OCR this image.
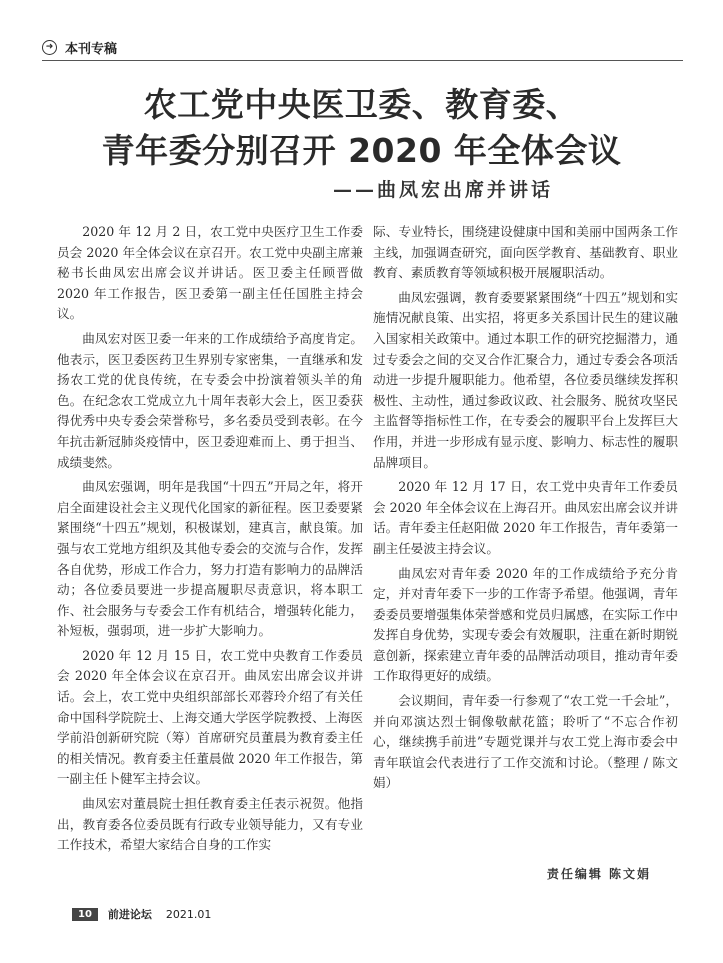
➜ 本刊专稿
农工党中央医卫委、教育委、
青年委分别召开 2020 年全体会议
——曲凤宏出席并讲话

2020 年 12 月 2 日，农工党中央医疗卫生工作委员会 2020 年全体会议在京召开。农工党中央副主席兼秘书长曲凤宏出席会议并讲话。医卫委主任顾晋做 2020 年工作报告，医卫委第一副主任任国胜主持会议。

曲凤宏对医卫委一年来的工作成绩给予高度肯定。他表示，医卫委医药卫生界别专家密集，一直继承和发扬农工党的优良传统，在专委会中扮演着领头羊的角色。在纪念农工党成立九十周年表彰大会上，医卫委获得优秀中央专委会荣誉称号，多名委员受到表彰。在今年抗击新冠肺炎疫情中，医卫委迎难而上、勇于担当、成绩斐然。

曲凤宏强调，明年是我国“十四五”开局之年，将开启全面建设社会主义现代化国家的新征程。医卫委要紧紧围绕“十四五”规划，积极谋划，建真言，献良策。加强与农工党地方组织及其他专委会的交流与合作，发挥各自优势，形成工作合力，努力打造有影响力的品牌活动；各位委员要进一步提高履职尽责意识，将本职工作、社会服务与专委会工作有机结合，增强转化能力，补短板，强弱项，进一步扩大影响力。

2020 年 12 月 15 日，农工党中央教育工作委员会 2020 年全体会议在京召开。曲凤宏出席会议并讲话。会上，农工党中央组织部部长邓蓉玲介绍了有关任命中国科学院院士、上海交通大学医学院教授、上海医学前沿创新研究院（筹）首席研究员董晨为教育委主任的相关情况。教育委主任董晨做 2020 年工作报告，第一副主任卜健军主持会议。

曲凤宏对董晨院士担任教育委主任表示祝贺。他指出，教育委各位委员既有行政专业领导能力，又有专业工作技术，希望大家结合自身的工作实

际、专业特长，围绕建设健康中国和美丽中国两条工作主线，加强调查研究，面向医学教育、基础教育、职业教育、素质教育等领域积极开展履职活动。

曲凤宏强调，教育委要紧紧围绕“十四五”规划和实施情况献良策、出实招，将更多关系国计民生的建议融入国家相关政策中。通过本职工作的研究挖掘潜力，通过专委会之间的交叉合作汇聚合力，通过专委会各项活动进一步提升履职能力。他希望，各位委员继续发挥积极性、主动性，通过参政议政、社会服务、脱贫攻坚民主监督等指标性工作，在专委会的履职平台上发挥巨大作用，并进一步形成有显示度、影响力、标志性的履职品牌项目。

2020 年 12 月 17 日，农工党中央青年工作委员会 2020 年全体会议在上海召开。曲凤宏出席会议并讲话。青年委主任赵阳做 2020 年工作报告，青年委第一副主任晏波主持会议。

曲凤宏对青年委 2020 年的工作成绩给予充分肯定，并对青年委下一步的工作寄予希望。他强调，青年委委员要增强集体荣誉感和党员归属感，在实际工作中发挥自身优势，实现专委会有效履职，注重在新时期锐意创新，探索建立青年委的品牌活动项目，推动青年委工作取得更好的成绩。

会议期间，青年委一行参观了“农工党一千会址”，并向邓演达烈士铜像敬献花篮；聆听了“不忘合作初心，继续携手前进”专题党课并与农工党上海市委会中青年联谊会代表进行了工作交流和讨论。（整理 / 陈文娟）

责任编辑 陈文娟
10	前进论坛 2021.01
